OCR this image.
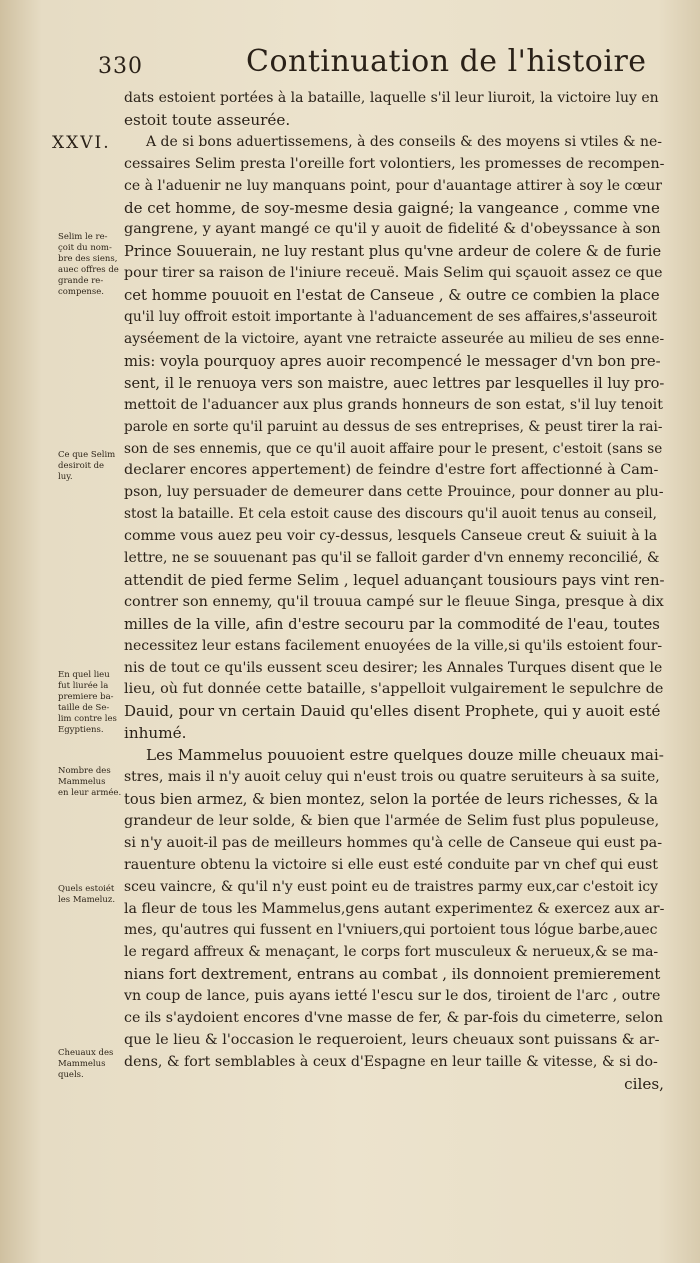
330	Continuation de l'histoire
XXVI.
Selim le re-
çoit du nom-
bre des siens,
auec offres de
grande re-
compense.
Ce que Selim
desiroit de
luy.
En quel lieu
fut liurée la
premiere ba-
taille de Se-
lim contre les
Egyptiens.
Nombre des
Mammelus
en leur armée.
Quels estoiét
les Mameluz.
Cheuaux des
Mammelus
quels.
dats estoient portées à la bataille, laquelle s'il leur liuroit, la victoire luy en
estoit toute asseurée.
A de si bons aduertissemens, à des conseils & des moyens si vtiles & ne-
cessaires Selim presta l'oreille fort volontiers, les promesses de recompen-
ce à l'aduenir ne luy manquans point, pour d'auantage attirer à soy le cœur
de cet homme, de soy-mesme desia gaigné; la vangeance , comme vne
gangrene, y ayant mangé ce qu'il y auoit de fidelité & d'obeyssance à son
Prince Souuerain, ne luy restant plus qu'vne ardeur de colere & de furie
pour tirer sa raison de l'iniure receuë. Mais Selim qui sçauoit assez ce que
cet homme pouuoit en l'estat de Canseue , & outre ce combien la place
qu'il luy offroit estoit importante à l'aduancement de ses affaires,s'asseuroit
ayséement de la victoire, ayant vne retraicte asseurée au milieu de ses enne-
mis: voyla pourquoy apres auoir recompencé le messager d'vn bon pre-
sent, il le renuoya vers son maistre, auec lettres par lesquelles il luy pro-
mettoit de l'aduancer aux plus grands honneurs de son estat, s'il luy tenoit
parole en sorte qu'il paruint au dessus de ses entreprises, & peust tirer la rai-
son de ses ennemis, que ce qu'il auoit affaire pour le present, c'estoit (sans se
declarer encores appertement) de feindre d'estre fort affectionné à Cam-
pson, luy persuader de demeurer dans cette Prouince, pour donner au plu-
stost la bataille. Et cela estoit cause des discours qu'il auoit tenus au conseil,
comme vous auez peu voir cy-dessus, lesquels Canseue creut & suiuit à la
lettre, ne se souuenant pas qu'il se falloit garder d'vn ennemy reconcilié, &
attendit de pied ferme Selim , lequel aduançant tousiours pays vint ren-
contrer son ennemy, qu'il trouua campé sur le fleuue Singa, presque à dix
milles de la ville, afin d'estre secouru par la commodité de l'eau, toutes
necessitez leur estans facilement enuoyées de la ville,si qu'ils estoient four-
nis de tout ce qu'ils eussent sceu desirer; les Annales Turques disent que le
lieu, où fut donnée cette bataille, s'appelloit vulgairement le sepulchre de
Dauid, pour vn certain Dauid qu'elles disent Prophete, qui y auoit esté
inhumé.
Les Mammelus pouuoient estre quelques douze mille cheuaux mai-
stres, mais il n'y auoit celuy qui n'eust trois ou quatre seruiteurs à sa suite,
tous bien armez, & bien montez, selon la portée de leurs richesses, & la
grandeur de leur solde, & bien que l'armée de Selim fust plus populeuse,
si n'y auoit-il pas de meilleurs hommes qu'à celle de Canseue qui eust pa-
rauenture obtenu la victoire si elle eust esté conduite par vn chef qui eust
sceu vaincre, & qu'il n'y eust point eu de traistres parmy eux,car c'estoit icy
la fleur de tous les Mammelus,gens autant experimentez & exercez aux ar-
mes, qu'autres qui fussent en l'vniuers,qui portoient tous lógue barbe,auec
le regard affreux & menaçant, le corps fort musculeux & nerueux,& se ma-
nians fort dextrement, entrans au combat , ils donnoient premierement
vn coup de lance, puis ayans ietté l'escu sur le dos, tiroient de l'arc , outre
ce ils s'aydoient encores d'vne masse de fer, & par-fois du cimeterre, selon
que le lieu & l'occasion le requeroient, leurs cheuaux sont puissans & ar-
dens, & fort semblables à ceux d'Espagne en leur taille & vitesse, & si do-
ciles,
